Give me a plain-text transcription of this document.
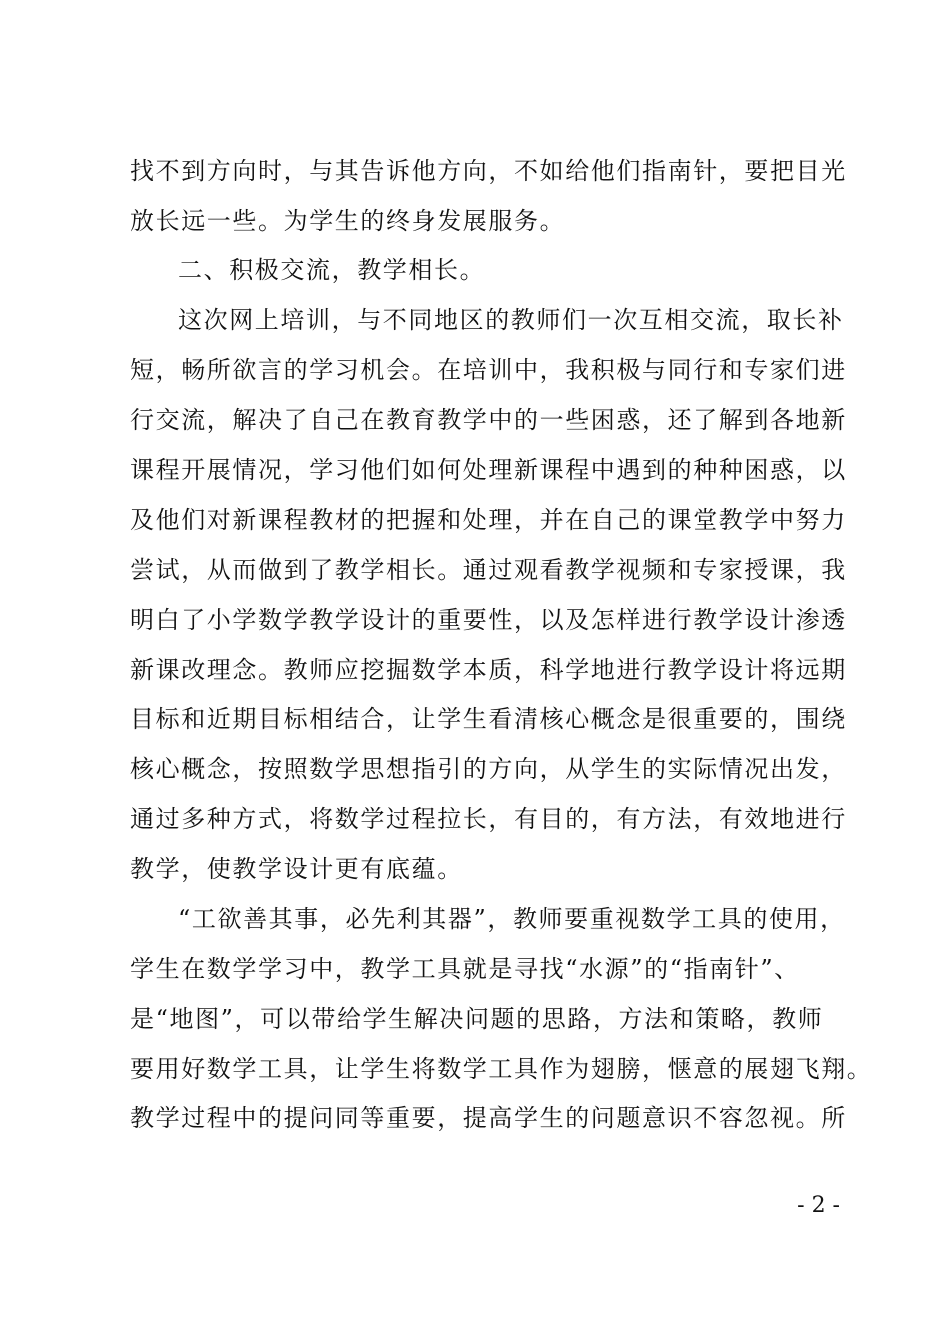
找不到方向时，与其告诉他方向，不如给他们指南针，要把目光
放长远一些。为学生的终身发展服务。
二、积极交流，教学相长。
这次网上培训，与不同地区的教师们一次互相交流，取长补
短，畅所欲言的学习机会。在培训中，我积极与同行和专家们进
行交流，解决了自己在教育教学中的一些困惑，还了解到各地新
课程开展情况，学习他们如何处理新课程中遇到的种种困惑，以
及他们对新课程教材的把握和处理，并在自己的课堂教学中努力
尝试，从而做到了教学相长。通过观看教学视频和专家授课，我
明白了小学数学教学设计的重要性，以及怎样进行教学设计渗透
新课改理念。教师应挖掘数学本质，科学地进行教学设计将远期
目标和近期目标相结合，让学生看清核心概念是很重要的，围绕
核心概念，按照数学思想指引的方向，从学生的实际情况出发，
通过多种方式，将数学过程拉长，有目的，有方法，有效地进行
教学，使教学设计更有底蕴。
“工欲善其事，必先利其器”，教师要重视数学工具的使用，
学生在数学学习中，教学工具就是寻找“水源”的“指南针”、
是“地图”，可以带给学生解决问题的思路，方法和策略，教师
要用好数学工具，让学生将数学工具作为翅膀，惬意的展翅飞翔。
教学过程中的提问同等重要，提高学生的问题意识不容忽视。所
- 2 -
